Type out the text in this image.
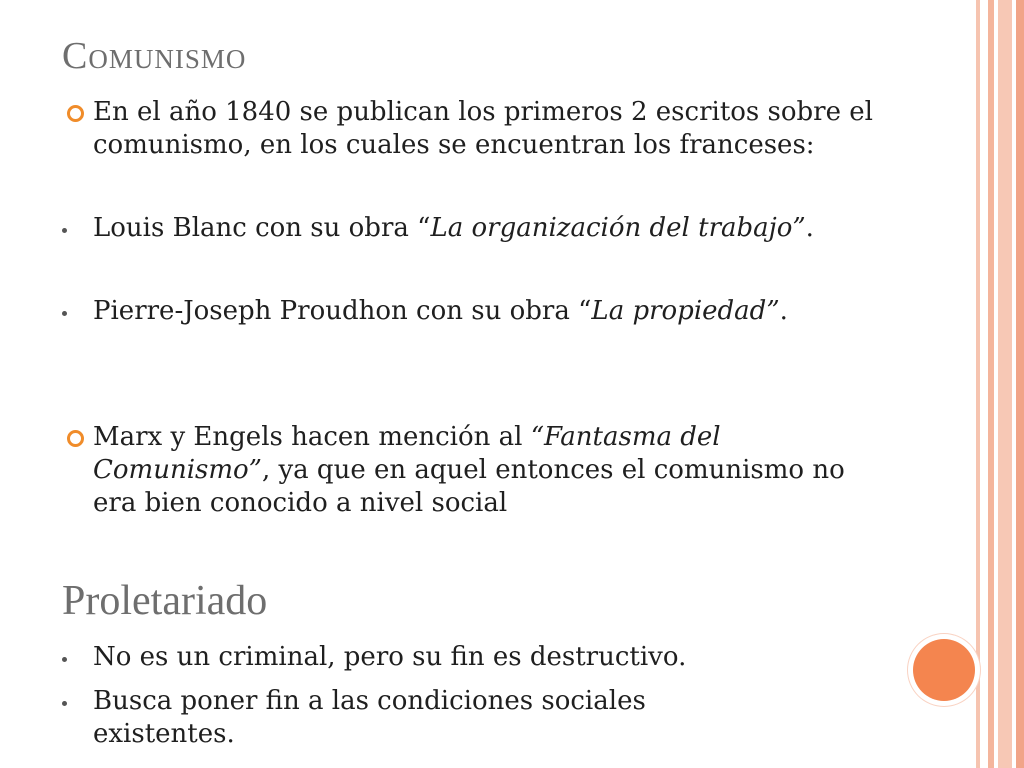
Comunismo
En el año 1840 se publican los primeros 2 escritos sobre el comunismo, en los cuales se encuentran los franceses:
Louis Blanc con su obra “La organización del trabajo”.
Pierre-Joseph Proudhon con su obra “La propiedad”.
Marx y Engels hacen mención al “Fantasma del Comunismo”, ya que en aquel entonces el comunismo no era bien conocido a nivel social
Proletariado
No es un criminal, pero su fin es destructivo.
Busca poner fin a las condiciones sociales existentes.
